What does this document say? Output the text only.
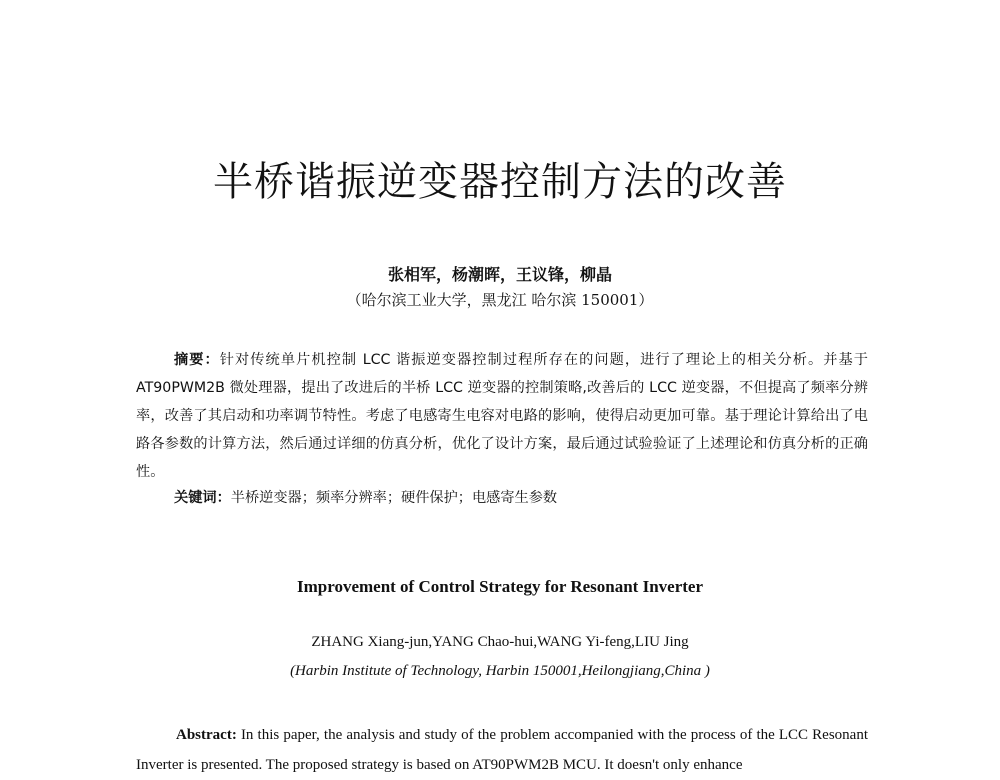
半桥谐振逆变器控制方法的改善
张相军，杨潮晖，王议锋，柳晶
（哈尔滨工业大学，黑龙江 哈尔滨 150001）
摘要：针对传统单片机控制 LCC 谐振逆变器控制过程所存在的问题，进行了理论上的相关分析。并基于 AT90PWM2B 微处理器，提出了改进后的半桥 LCC 逆变器的控制策略,改善后的 LCC 逆变器，不但提高了频率分辨率，改善了其启动和功率调节特性。考虑了电感寄生电容对电路的影响，使得启动更加可靠。基于理论计算给出了电路各参数的计算方法，然后通过详细的仿真分析，优化了设计方案，最后通过试验验证了上述理论和仿真分析的正确性。
关键词：半桥逆变器；频率分辨率；硬件保护；电感寄生参数
Improvement of Control Strategy for Resonant Inverter
ZHANG Xiang-jun,YANG Chao-hui,WANG Yi-feng,LIU Jing
(Harbin Institute of Technology, Harbin 150001,Heilongjiang,China )
Abstract: In this paper, the analysis and study of the problem accompanied with the process of the LCC Resonant Inverter is presented. The proposed strategy is based on AT90PWM2B MCU. It doesn't only enhance
